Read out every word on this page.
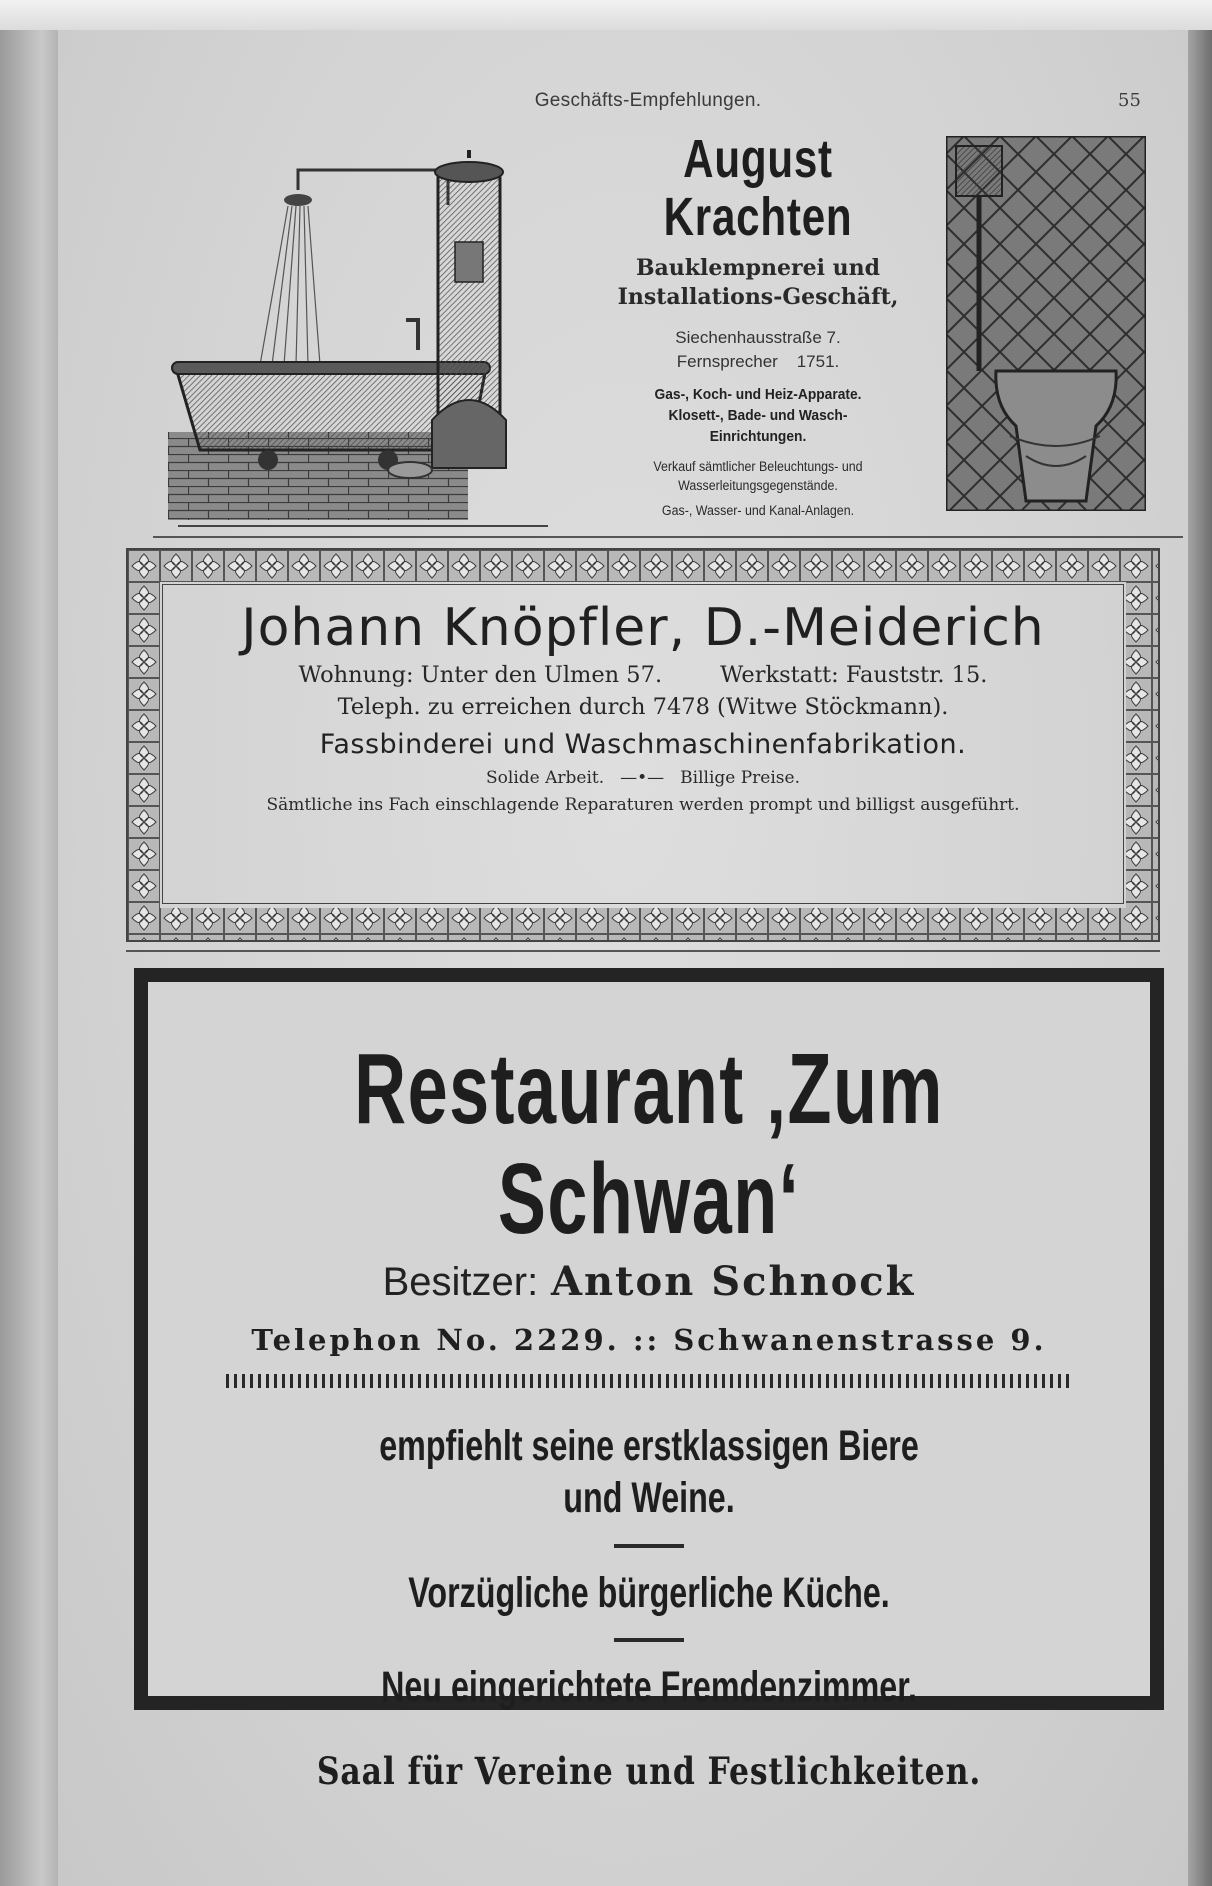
Geschäfts-Empfehlungen.	55
August Krachten
Bauklempnerei und
Installations-Geschäft,
Siechenhausstraße 7.
Fernsprecher    1751.
Gas-, Koch- und Heiz-Apparate.
Klosett-, Bade- und Wasch-
Einrichtungen.
Verkauf sämtlicher Beleuchtungs- und
Wasserleitungsgegenstände.
Gas-, Wasser- und Kanal-Anlagen.
Johann Knöpfler, D.-Meiderich
Wohnung: Unter den Ulmen 57.	Werkstatt: Fauststr. 15.
Teleph. zu erreichen durch 7478 (Witwe Stöckmann).
Fassbinderei und Waschmaschinenfabrikation.
Solide Arbeit. —•— Billige Preise.
Sämtliche ins Fach einschlagende Reparaturen werden prompt und billigst ausgeführt.
Restaurant ‚Zum Schwan‘
Besitzer: Anton Schnock
Telephon No. 2229. :: Schwanenstrasse 9.
empfiehlt seine erstklassigen Biere
und Weine.
Vorzügliche bürgerliche Küche.
Neu eingerichtete Fremdenzimmer.
Saal für Vereine und Festlichkeiten.
